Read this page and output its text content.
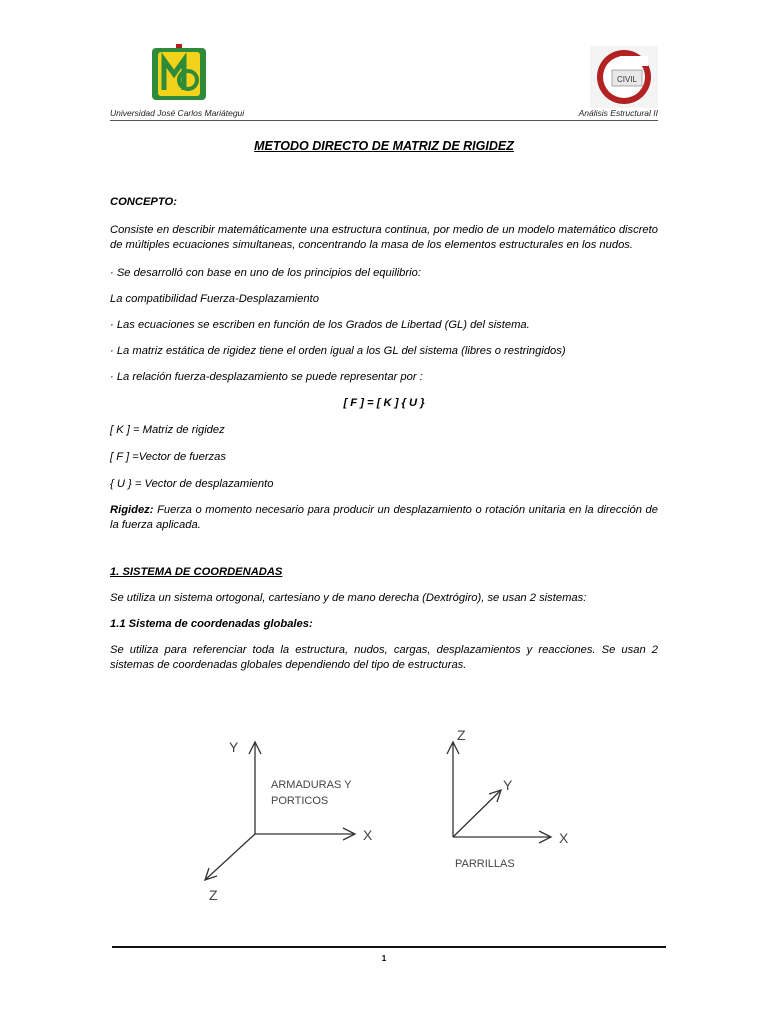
CIVIL
Universidad José Carlos Mariátegui	Análisis Estructural II
METODO DIRECTO DE MATRIZ DE RIGIDEZ

CONCEPTO:

Consiste en describir matemáticamente una estructura continua, por medio de un modelo matemático discreto de múltiples ecuaciones simultaneas, concentrando la masa de los elementos estructurales en los nudos.

· Se desarrolló con base en uno de los principios del equilibrio:

La compatibilidad Fuerza-Desplazamiento

· Las ecuaciones se escriben en función de los Grados de Libertad (GL) del sistema.

· La matriz estática de rigidez tiene el orden igual a los GL del sistema (libres o restringidos)

· La relación fuerza-desplazamiento se puede representar por :

[ F ] = [ K ] { U }

[ K ] = Matriz de rigidez

[ F ] =Vector de fuerzas

{ U } = Vector de desplazamiento

Rigidez: Fuerza o momento necesario para producir un desplazamiento o rotación unitaria en la dirección de la fuerza aplicada.

1. SISTEMA DE COORDENADAS

Se utiliza un sistema ortogonal, cartesiano y de mano derecha (Dextrógiro), se usan 2 sistemas:

1.1 Sistema de coordenadas globales:

Se utiliza para referenciar toda la estructura, nudos, cargas, desplazamientos y reacciones. Se usan 2 sistemas de coordenadas globales dependiendo del tipo de estructuras.

Y
X
Z
Z
Y
X
ARMADURAS Y
PORTICOS
PARRILLAS
1
